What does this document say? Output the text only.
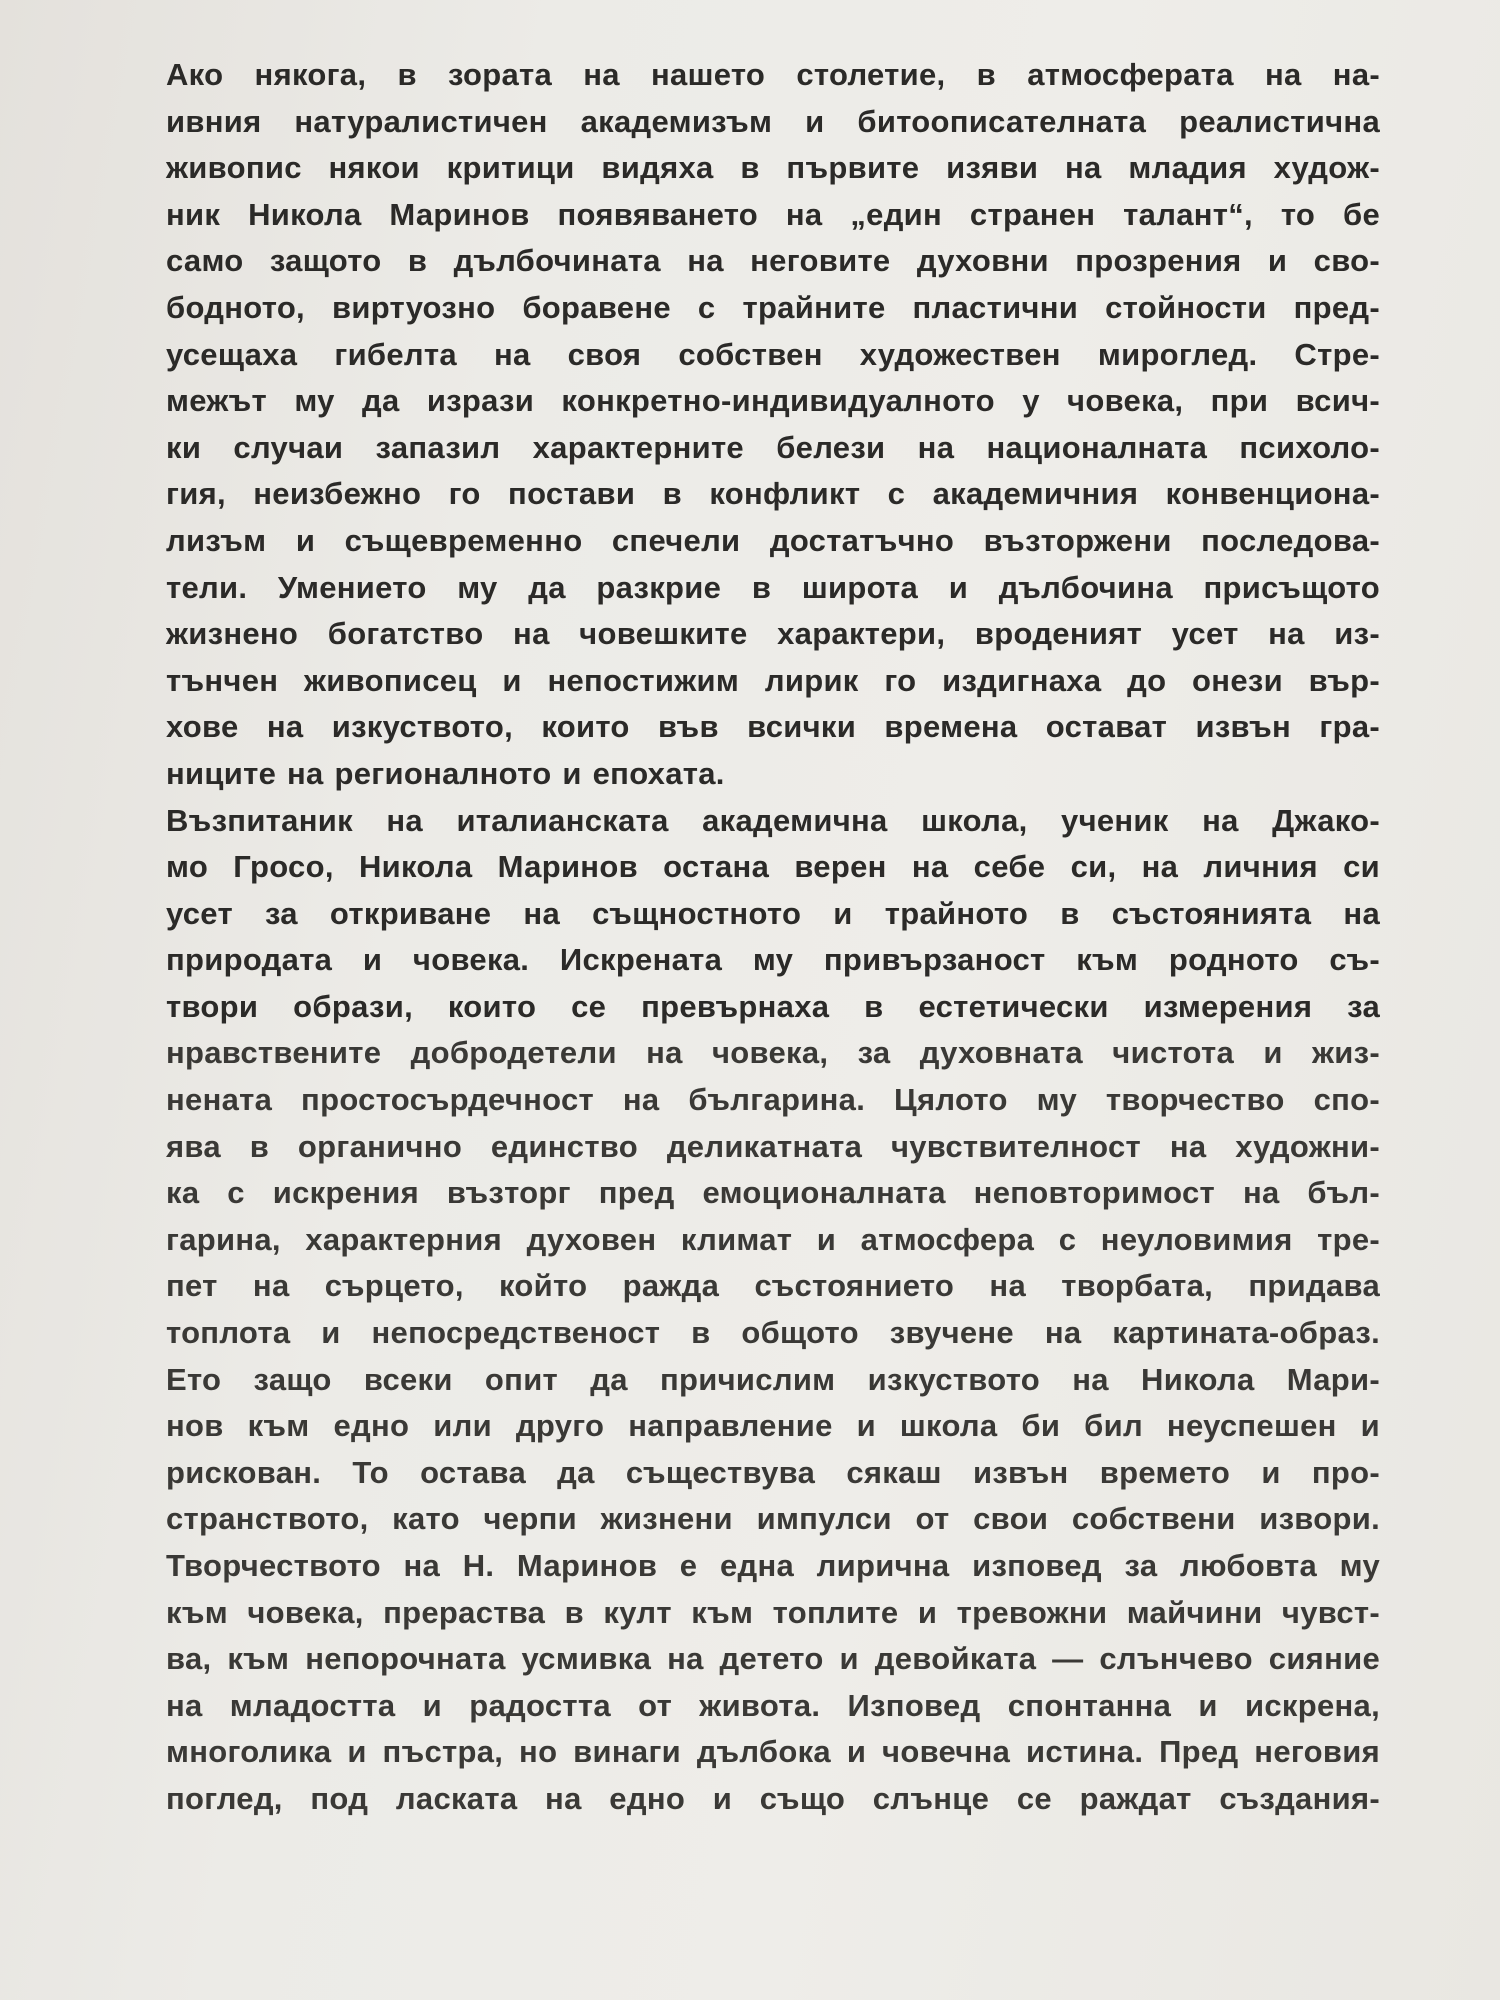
Ако някога, в зората на нашето столетие, в атмосферата на на-
ивния натуралистичен академизъм и битоописателната реалистична
живопис някои критици видяха в първите изяви на младия худож-
ник Никола Маринов появяването на „един странен талант“, то бе
само защото в дълбочината на неговите духовни прозрения и сво-
бодното, виртуозно боравене с трайните пластични стойности пред-
усещаха гибелта на своя собствен художествен мироглед. Стре-
межът му да изрази конкретно-индивидуалното у човека, при всич-
ки случаи запазил характерните белези на националната психоло-
гия, неизбежно го постави в конфликт с академичния конвенциона-
лизъм и същевременно спечели достатъчно възторжени последова-
тели. Умението му да разкрие в широта и дълбочина присъщото
жизнено богатство на човешките характери, вроденият усет на из-
тънчен живописец и непостижим лирик го издигнаха до онези вър-
хове на изкуството, които във всички времена остават извън гра-
ниците на регионалното и епохата.
Възпитаник на италианската академична школа, ученик на Джако-
мо Гросо, Никола Маринов остана верен на себе си, на личния си
усет за откриване на същностното и трайното в състоянията на
природата и човека. Искрената му привързаност към родното съ-
твори образи, които се превърнаха в естетически измерения за
нравствените добродетели на човека, за духовната чистота и жиз-
нената простосърдечност на българина. Цялото му творчество спо-
ява в органично единство деликатната чувствителност на художни-
ка с искрения възторг пред емоционалната неповторимост на бъл-
гарина, характерния духовен климат и атмосфера с неуловимия тре-
пет на сърцето, който ражда състоянието на творбата, придава
топлота и непосредственост в общото звучене на картината-образ.
Ето защо всеки опит да причислим изкуството на Никола Мари-
нов към едно или друго направление и школа би бил неуспешен и
рискован. То остава да съществува сякаш извън времето и про-
странството, като черпи жизнени импулси от свои собствени извори.
Творчеството на Н. Маринов е една лирична изповед за любовта му
към човека, прераства в култ към топлите и тревожни майчини чувст-
ва, към непорочната усмивка на детето и девойката — слънчево сияние
на младостта и радостта от живота. Изповед спонтанна и искрена,
многолика и пъстра, но винаги дълбока и човечна истина. Пред неговия
поглед, под ласката на едно и също слънце се раждат създания-
